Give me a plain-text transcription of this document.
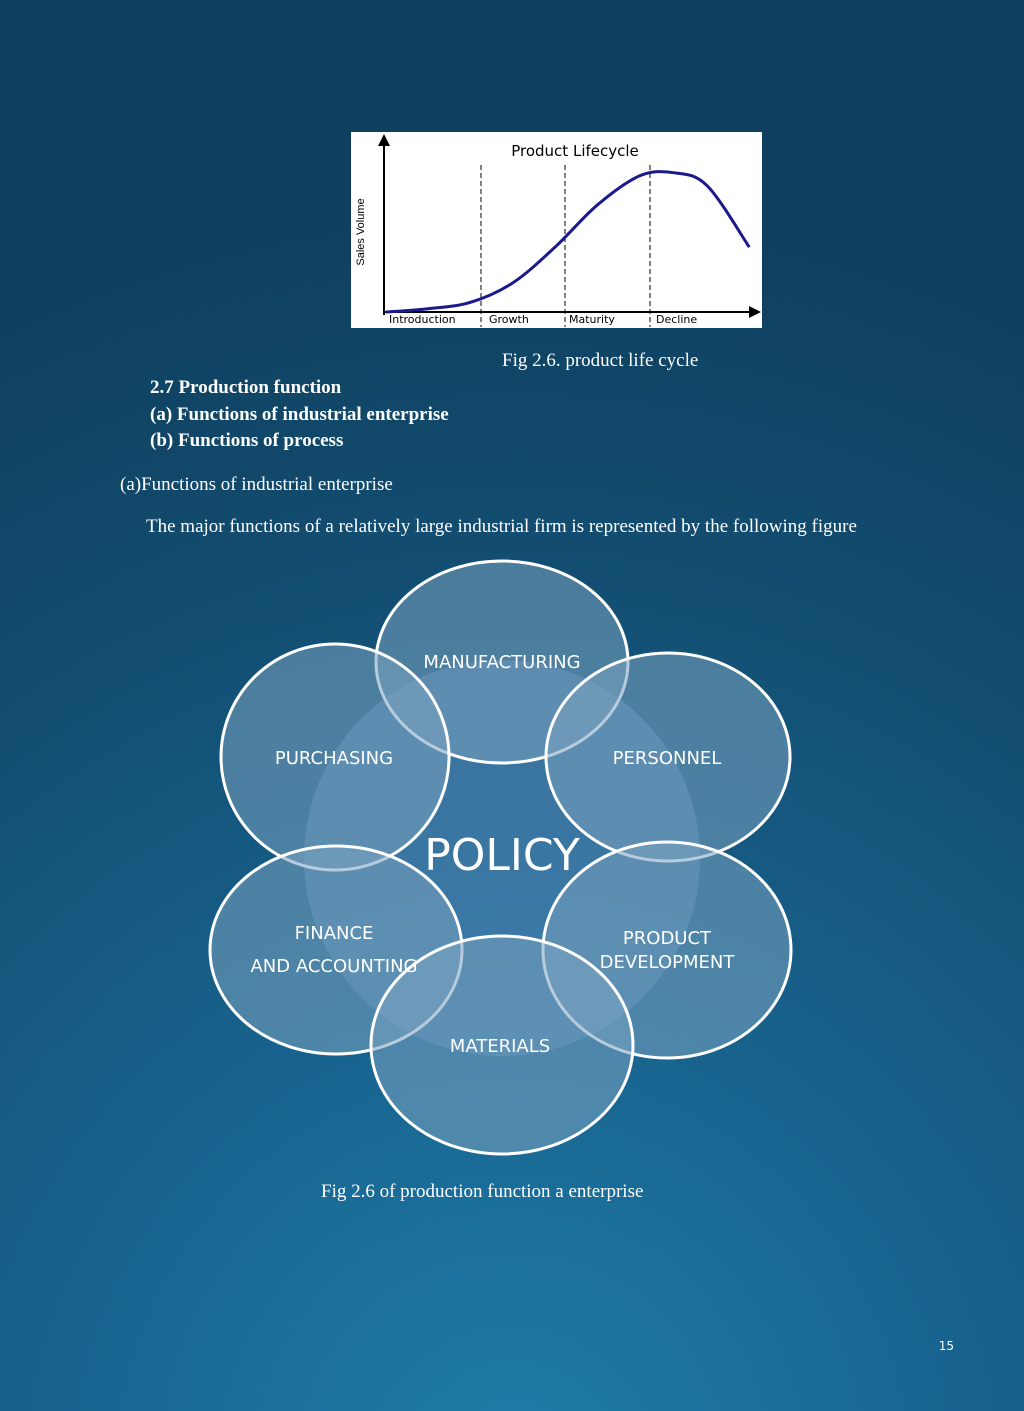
Product Lifecycle
Sales Volume
Introduction	Growth	Maturity	Decline
Fig 2.6. product life cycle
2.7 Production function
(a) Functions of industrial enterprise
(b) Functions of process
(a)Functions of industrial enterprise
The major functions of a relatively large industrial firm is represented by the following figure
POLICY
MANUFACTURING
PURCHASING	PERSONNEL
FINANCE
AND ACCOUNTING
PRODUCT
DEVELOPMENT
MATERIALS
Fig 2.6 of production function a enterprise
15
